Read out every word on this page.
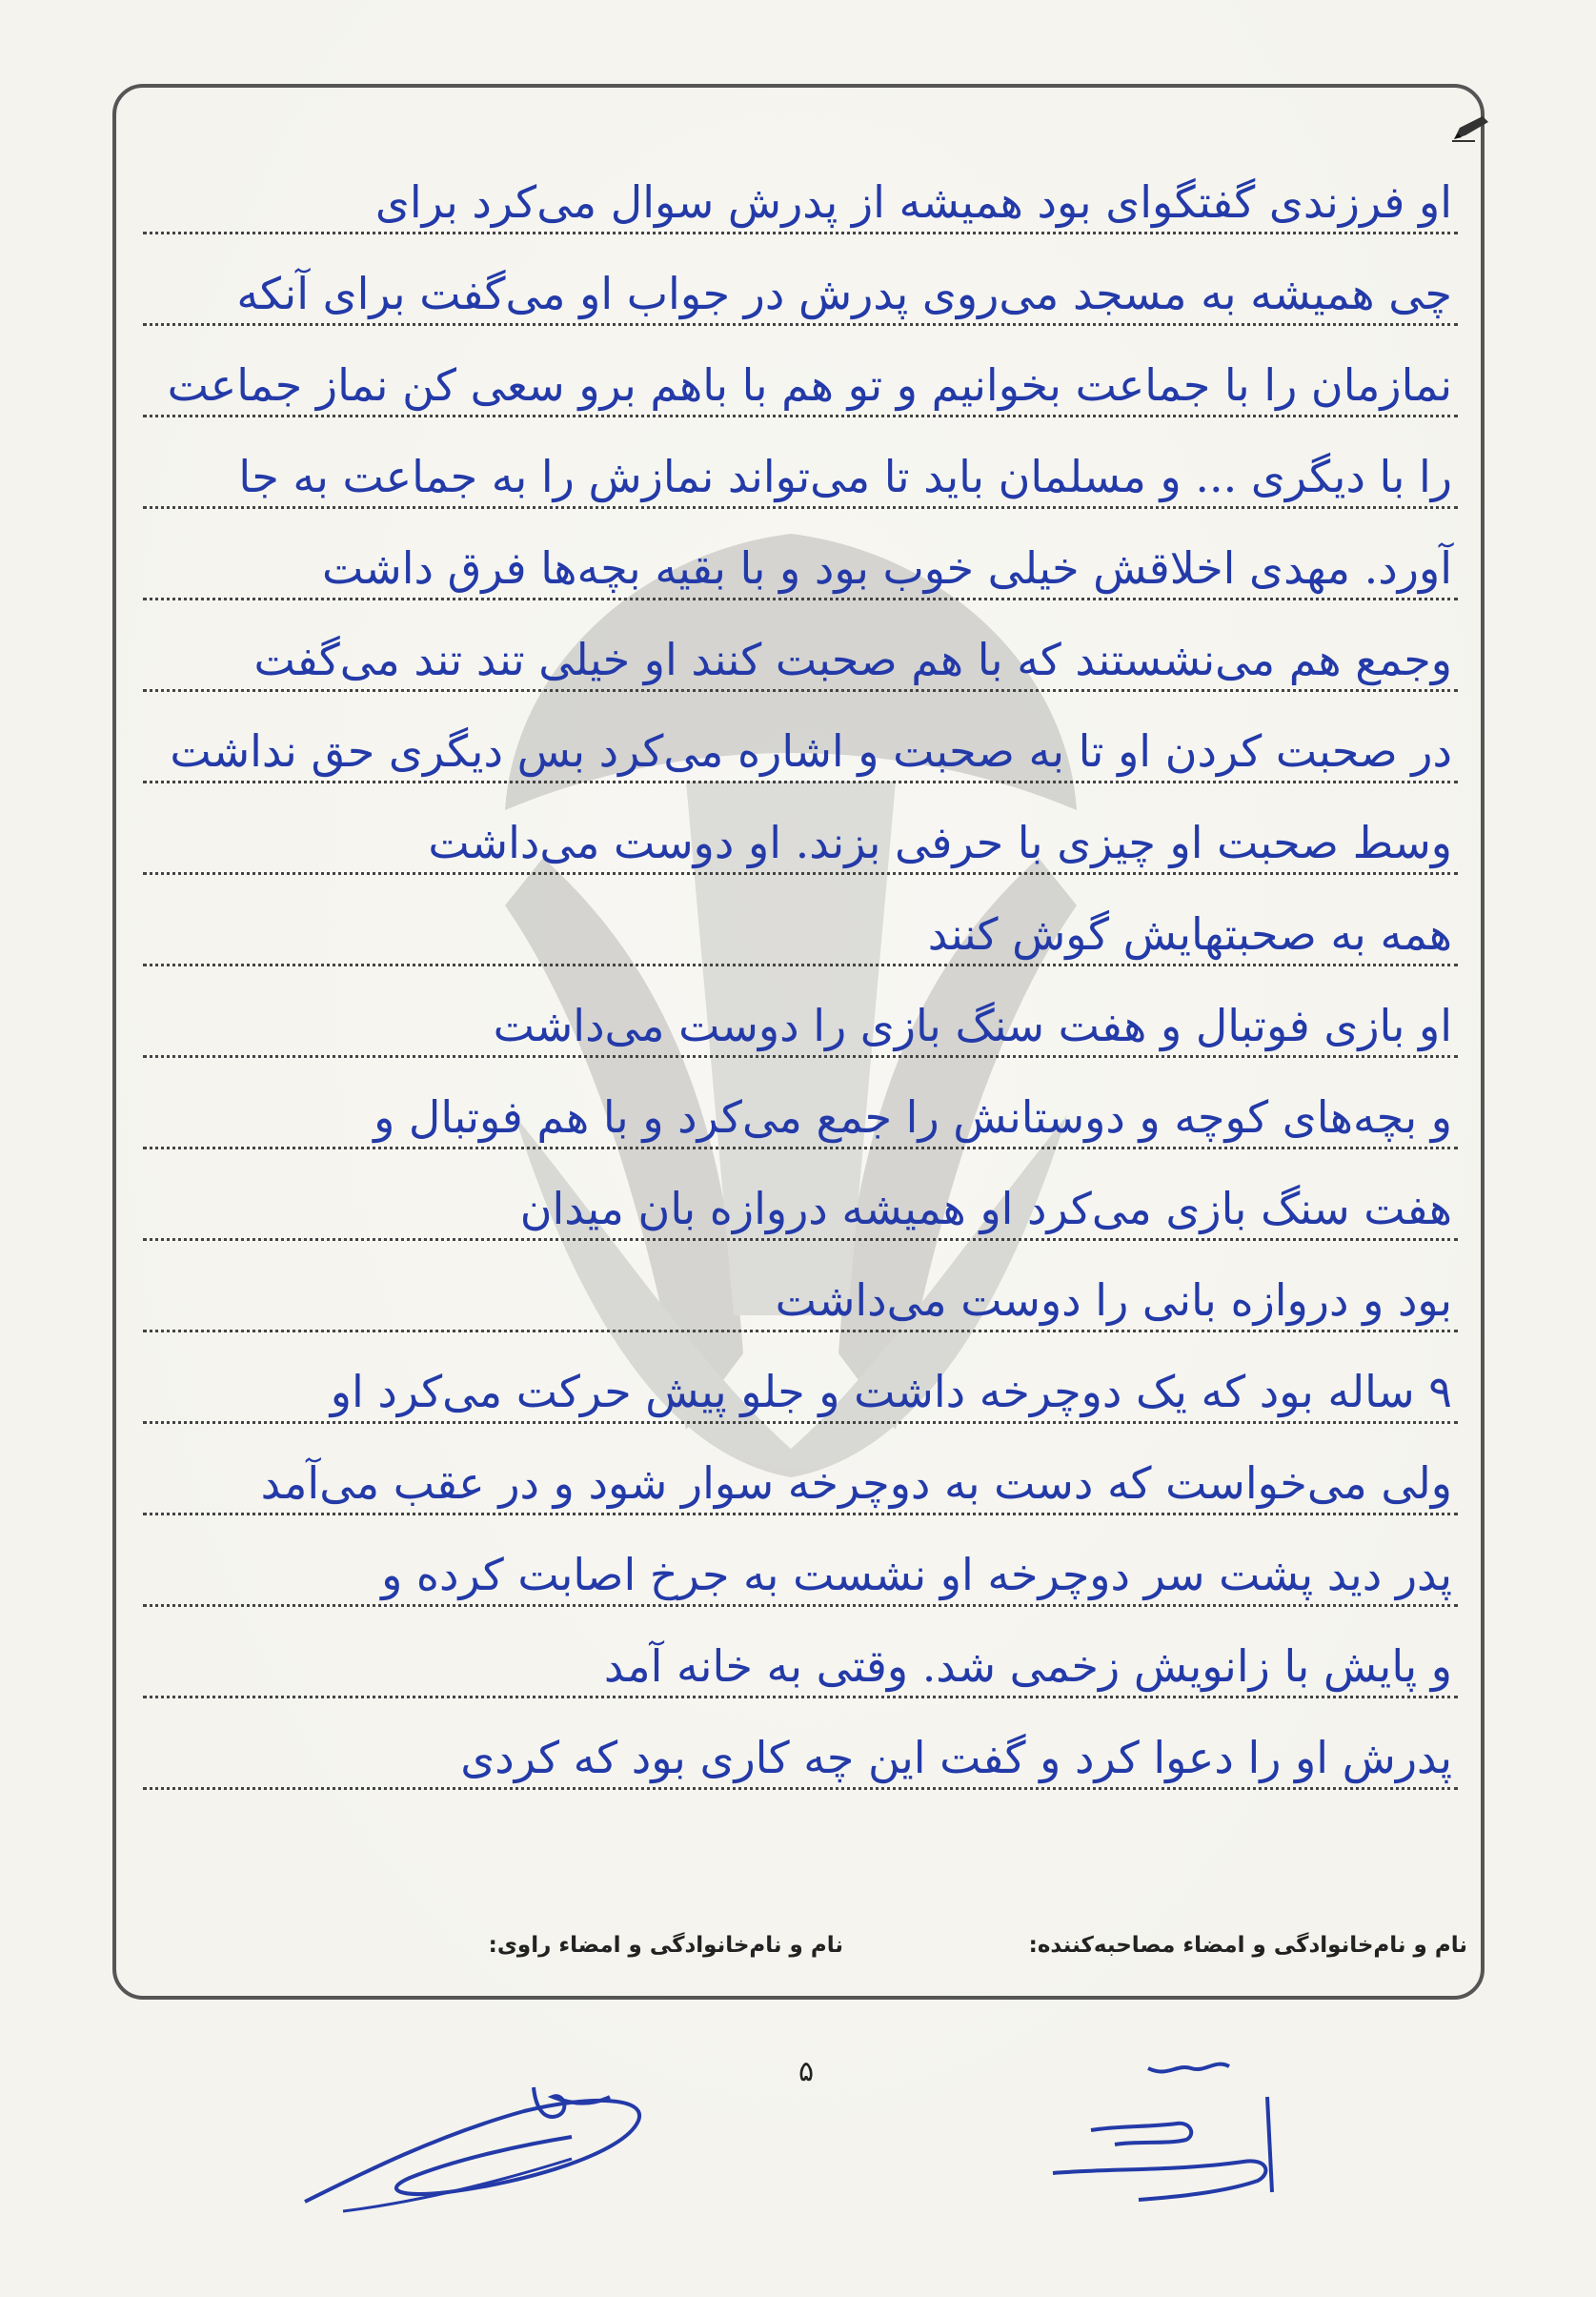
او فرزندی گفتگو‌ای بود همیشه از پدرش سوال می‌کرد برای
چی همیشه به مسجد می‌روی پدرش در جواب او می‌گفت برای آنکه
نمازمان را با جماعت بخوانیم و تو هم با باهم برو سعی کن نماز جماعت
را با دیگری ... و مسلمان باید تا می‌تواند نمازش را به جماعت به جا
آورد. مهدی اخلاقش خیلی خوب بود و با بقیه بچه‌ها فرق داشت
وجمع هم می‌نشستند که با هم صحبت کنند او خیلی تند تند می‌گفت
در صحبت کردن او تا به صحبت و اشاره می‌کرد بس دیگری حق نداشت
وسط صحبت او چیزی با حرفی بزند. او دوست می‌داشت
همه به صحبتهایش گوش کنند
او بازی فوتبال و هفت سنگ بازی را دوست می‌داشت
و بچه‌های کوچه و دوستانش را جمع می‌کرد و با هم فوتبال و
هفت سنگ بازی می‌کرد او همیشه دروازه بان میدان
بود و دروازه بانی را دوست می‌داشت
۹ ساله بود که یک دوچرخه داشت و جلو پیش حرکت می‌کرد او
ولی می‌خواست که دست به دوچرخه سوار شود و در عقب می‌آمد
پدر دید پشت سر دوچرخه او نشست به جرخ اصابت کرده و
و پایش با زانویش زخمی شد. وقتی به خانه آمد
پدرش او را دعوا کرد و گفت این چه کاری بود که کردی
نام و نام‌خانوادگی و امضاء مصاحبه‌کننده:
نام و نام‌خانوادگی و امضاء راوی:
۵
